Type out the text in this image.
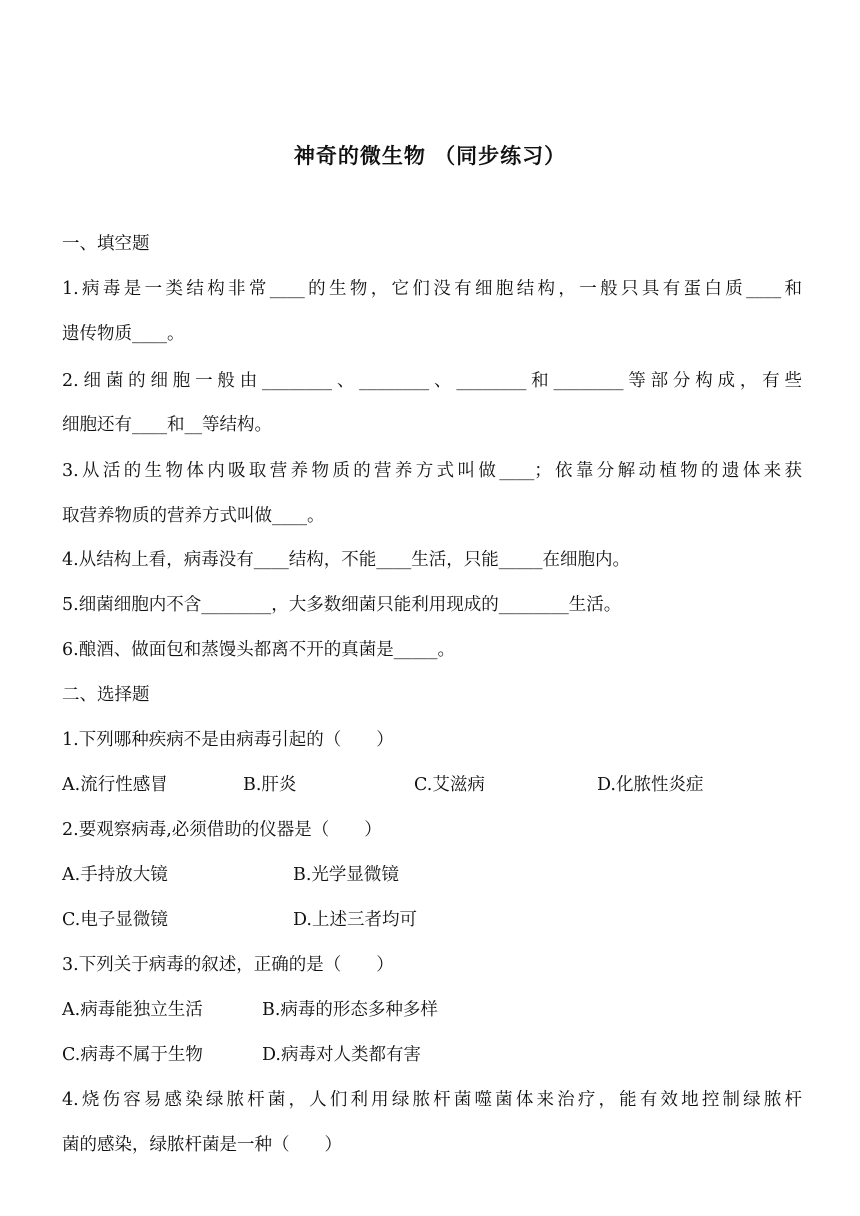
神奇的微生物 （同步练习）
一、填空题
1.病毒是一类结构非常____的生物，它们没有细胞结构，一般只具有蛋白质____和
遗传物质____。
2.细菌的细胞一般由________、________、________和________等部分构成，有些
细胞还有____和__等结构。
3.从活的生物体内吸取营养物质的营养方式叫做____；依靠分解动植物的遗体来获
取营养物质的营养方式叫做____。
4.从结构上看，病毒没有____结构，不能____生活，只能_____在细胞内。
5.细菌细胞内不含________，大多数细菌只能利用现成的________生活。
6.酿酒、做面包和蒸馒头都离不开的真菌是_____。
二、选择题
1.下列哪种疾病不是由病毒引起的（　　）
A.流行性感冒	B.肝炎	C.艾滋病	D.化脓性炎症
2.要观察病毒,必须借助的仪器是（　　）
A.手持放大镜	B.光学显微镜
C.电子显微镜	D.上述三者均可
3.下列关于病毒的叙述，正确的是（　　）
A.病毒能独立生活	B.病毒的形态多种多样
C.病毒不属于生物	D.病毒对人类都有害
4.烧伤容易感染绿脓杆菌，人们利用绿脓杆菌噬菌体来治疗，能有效地控制绿脓杆
菌的感染，绿脓杆菌是一种（　　）
